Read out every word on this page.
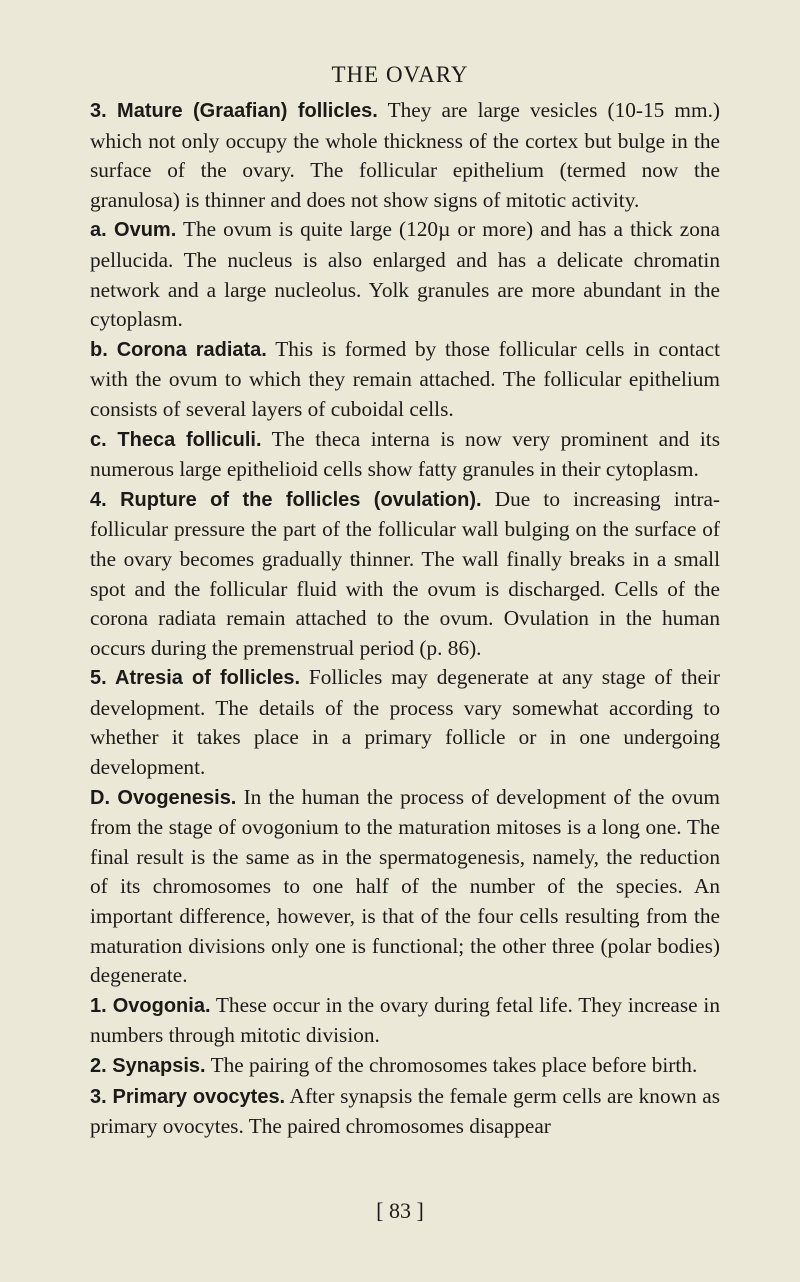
THE OVARY

3. Mature (Graafian) follicles. They are large vesicles (10-15 mm.) which not only occupy the whole thickness of the cortex but bulge in the surface of the ovary. The follicular epithelium (termed now the granulosa) is thinner and does not show signs of mitotic activity.

a. Ovum. The ovum is quite large (120µ or more) and has a thick zona pellucida. The nucleus is also enlarged and has a delicate chromatin network and a large nucleolus. Yolk granules are more abundant in the cytoplasm.

b. Corona radiata. This is formed by those follicular cells in contact with the ovum to which they remain attached. The follicular epithelium consists of several layers of cuboidal cells.

c. Theca folliculi. The theca interna is now very prominent and its numerous large epithelioid cells show fatty granules in their cytoplasm.

4. Rupture of the follicles (ovulation). Due to increasing intra-follicular pressure the part of the follicular wall bulging on the surface of the ovary becomes gradually thinner. The wall finally breaks in a small spot and the follicular fluid with the ovum is discharged. Cells of the corona radiata remain attached to the ovum. Ovulation in the human occurs during the premenstrual period (p. 86).

5. Atresia of follicles. Follicles may degenerate at any stage of their development. The details of the process vary somewhat according to whether it takes place in a primary follicle or in one undergoing development.

D. Ovogenesis. In the human the process of development of the ovum from the stage of ovogonium to the maturation mitoses is a long one. The final result is the same as in the spermatogenesis, namely, the reduction of its chromosomes to one half of the number of the species. An important difference, however, is that of the four cells resulting from the maturation divisions only one is functional; the other three (polar bodies) degenerate.

1. Ovogonia. These occur in the ovary during fetal life. They increase in numbers through mitotic division.

2. Synapsis. The pairing of the chromosomes takes place before birth.

3. Primary ovocytes. After synapsis the female germ cells are known as primary ovocytes. The paired chromosomes disappear

[ 83 ]
